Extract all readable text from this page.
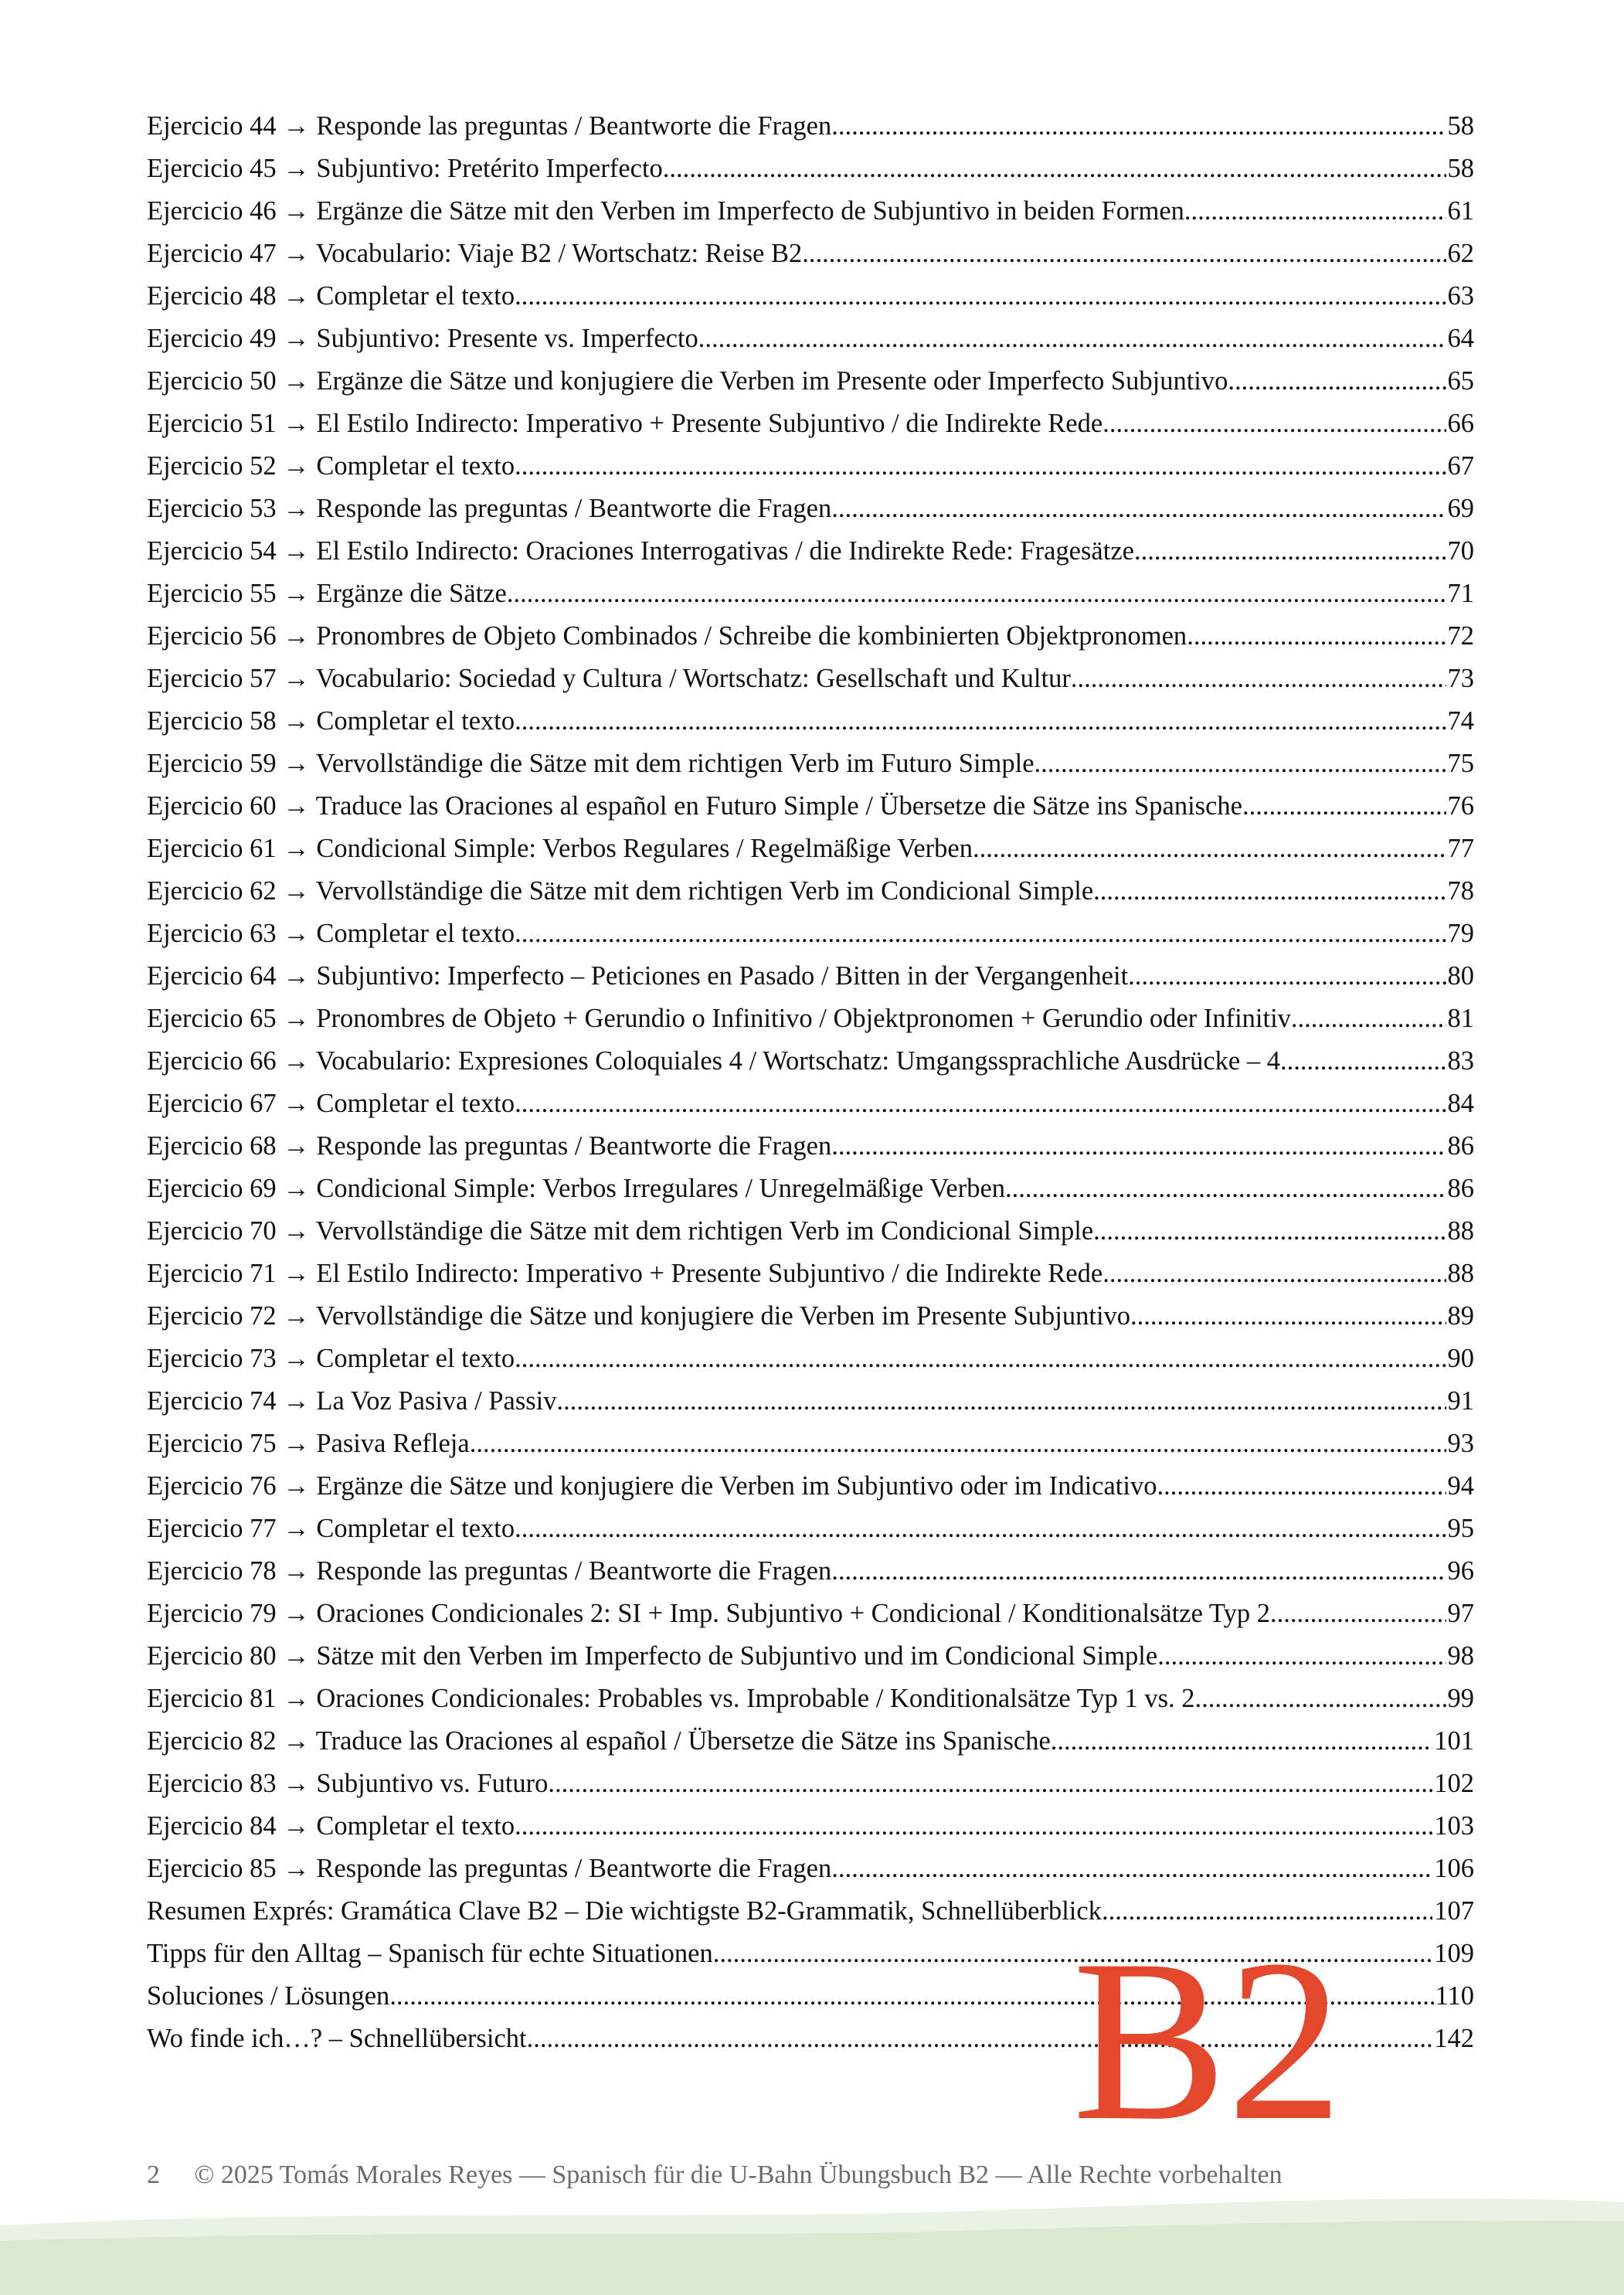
Ejercicio 44 → Responde las preguntas / Beantworte die Fragen .....	58
Ejercicio 45 → Subjuntivo: Pretérito Imperfecto .....	58
Ejercicio 46 → Ergänze die Sätze mit den Verben im Imperfecto de Subjuntivo in beiden Formen .....	61
Ejercicio 47 → Vocabulario: Viaje B2 / Wortschatz: Reise B2 .....	62
Ejercicio 48 → Completar el texto .....	63
Ejercicio 49 → Subjuntivo: Presente vs. Imperfecto .....	64
Ejercicio 50 → Ergänze die Sätze und konjugiere die Verben im Presente oder Imperfecto Subjuntivo .....	65
Ejercicio 51 → El Estilo Indirecto: Imperativo + Presente Subjuntivo / die Indirekte Rede .....	66
Ejercicio 52 → Completar el texto .....	67
Ejercicio 53 → Responde las preguntas / Beantworte die Fragen .....	69
Ejercicio 54 → El Estilo Indirecto: Oraciones Interrogativas / die Indirekte Rede: Fragesätze .....	70
Ejercicio 55 → Ergänze die Sätze .....	71
Ejercicio 56 → Pronombres de Objeto Combinados / Schreibe die kombinierten Objektpronomen .....	72
Ejercicio 57 → Vocabulario: Sociedad y Cultura / Wortschatz: Gesellschaft und Kultur .....	73
Ejercicio 58 → Completar el texto .....	74
Ejercicio 59 → Vervollständige die Sätze mit dem richtigen Verb im Futuro Simple .....	75
Ejercicio 60 → Traduce las Oraciones al español en Futuro Simple / Übersetze die Sätze ins Spanische .....	76
Ejercicio 61 → Condicional Simple: Verbos Regulares / Regelmäßige Verben .....	77
Ejercicio 62 → Vervollständige die Sätze mit dem richtigen Verb im Condicional Simple .....	78
Ejercicio 63 → Completar el texto .....	79
Ejercicio 64 → Subjuntivo: Imperfecto – Peticiones en Pasado / Bitten in der Vergangenheit .....	80
Ejercicio 65 → Pronombres de Objeto + Gerundio o Infinitivo / Objektpronomen + Gerundio oder Infinitiv .....	81
Ejercicio 66 → Vocabulario: Expresiones Coloquiales 4 / Wortschatz: Umgangssprachliche Ausdrücke – 4 .....	83
Ejercicio 67 → Completar el texto .....	84
Ejercicio 68 → Responde las preguntas / Beantworte die Fragen .....	86
Ejercicio 69 → Condicional Simple: Verbos Irregulares / Unregelmäßige Verben .....	86
Ejercicio 70 → Vervollständige die Sätze mit dem richtigen Verb im Condicional Simple .....	88
Ejercicio 71 → El Estilo Indirecto: Imperativo + Presente Subjuntivo / die Indirekte Rede .....	88
Ejercicio 72 → Vervollständige die Sätze und konjugiere die Verben im Presente Subjuntivo .....	89
Ejercicio 73 → Completar el texto .....	90
Ejercicio 74 → La Voz Pasiva / Passiv .....	91
Ejercicio 75 → Pasiva Refleja .....	93
Ejercicio 76 → Ergänze die Sätze und konjugiere die Verben im Subjuntivo oder im Indicativo .....	94
Ejercicio 77 → Completar el texto .....	95
Ejercicio 78 → Responde las preguntas / Beantworte die Fragen .....	96
Ejercicio 79 → Oraciones Condicionales 2: SI + Imp. Subjuntivo + Condicional / Konditionalsätze Typ 2 .....	97
Ejercicio 80 → Sätze mit den Verben im Imperfecto de Subjuntivo und im Condicional Simple .....	98
Ejercicio 81 → Oraciones Condicionales: Probables vs. Improbable / Konditionalsätze Typ 1 vs. 2 .....	99
Ejercicio 82 → Traduce las Oraciones al español / Übersetze die Sätze ins Spanische .....	101
Ejercicio 83 → Subjuntivo vs. Futuro .....	102
Ejercicio 84 → Completar el texto .....	103
Ejercicio 85 → Responde las preguntas / Beantworte die Fragen .....	106
Resumen Exprés: Gramática Clave B2 – Die wichtigste B2-Grammatik, Schnellüberblick .....	107
Tipps für den Alltag – Spanisch für echte Situationen .....	109
Soluciones / Lösungen .....	110
Wo finde ich…? – Schnellübersicht .....	142
B2
2 © 2025 Tomás Morales Reyes — Spanisch für die U-Bahn Übungsbuch B2 — Alle Rechte vorbehalten
